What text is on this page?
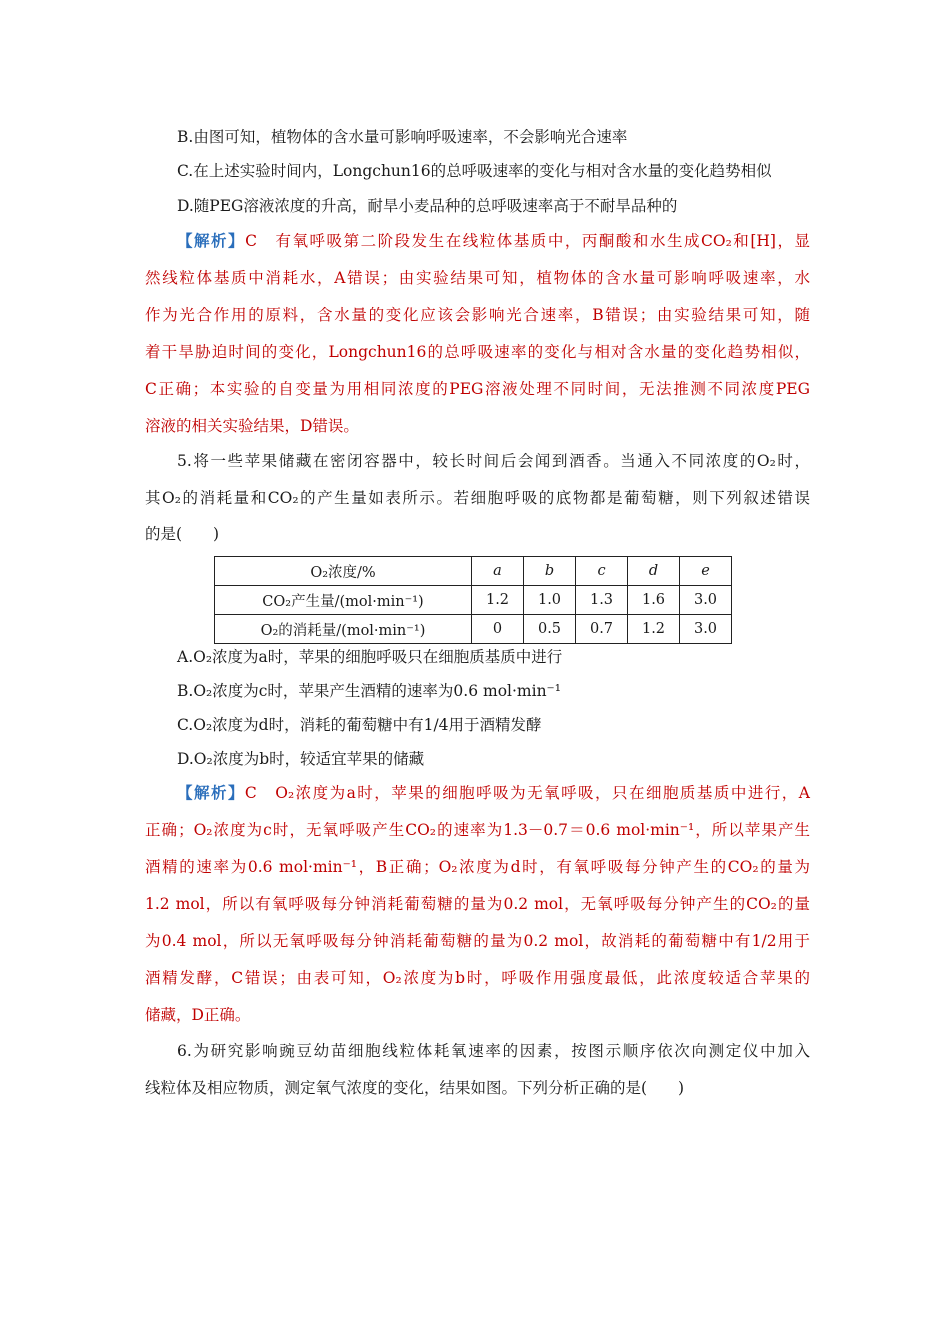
B.由图可知，植物体的含水量可影响呼吸速率，不会影响光合速率
C.在上述实验时间内，Longchun16的总呼吸速率的变化与相对含水量的变化趋势相似
D.随PEG溶液浓度的升高，耐旱小麦品种的总呼吸速率高于不耐旱品种的
【解析】C　有氧呼吸第二阶段发生在线粒体基质中，丙酮酸和水生成CO₂和[H]，显
然线粒体基质中消耗水，A错误；由实验结果可知，植物体的含水量可影响呼吸速率，水
作为光合作用的原料，含水量的变化应该会影响光合速率，B错误；由实验结果可知，随
着干旱胁迫时间的变化，Longchun16的总呼吸速率的变化与相对含水量的变化趋势相似，
C正确；本实验的自变量为用相同浓度的PEG溶液处理不同时间，无法推测不同浓度PEG
溶液的相关实验结果，D错误。
5.将一些苹果储藏在密闭容器中，较长时间后会闻到酒香。当通入不同浓度的O₂时，
其O₂的消耗量和CO₂的产生量如表所示。若细胞呼吸的底物都是葡萄糖，则下列叙述错误
的是(　　)
O₂浓度/%	a	b	c	d	e
CO₂产生量/(mol·min⁻¹)	1.2	1.0	1.3	1.6	3.0
O₂的消耗量/(mol·min⁻¹)	0	0.5	0.7	1.2	3.0
A.O₂浓度为a时，苹果的细胞呼吸只在细胞质基质中进行
B.O₂浓度为c时，苹果产生酒精的速率为0.6 mol·min⁻¹
C.O₂浓度为d时，消耗的葡萄糖中有1/4用于酒精发酵
D.O₂浓度为b时，较适宜苹果的储藏
【解析】C　O₂浓度为a时，苹果的细胞呼吸为无氧呼吸，只在细胞质基质中进行，A
正确；O₂浓度为c时，无氧呼吸产生CO₂的速率为1.3－0.7＝0.6 mol·min⁻¹，所以苹果产生
酒精的速率为0.6 mol·min⁻¹，B正确；O₂浓度为d时，有氧呼吸每分钟产生的CO₂的量为
1.2 mol，所以有氧呼吸每分钟消耗葡萄糖的量为0.2 mol，无氧呼吸每分钟产生的CO₂的量
为0.4 mol，所以无氧呼吸每分钟消耗葡萄糖的量为0.2 mol，故消耗的葡萄糖中有1/2用于
酒精发酵，C错误；由表可知，O₂浓度为b时，呼吸作用强度最低，此浓度较适合苹果的
储藏，D正确。
6.为研究影响豌豆幼苗细胞线粒体耗氧速率的因素，按图示顺序依次向测定仪中加入
线粒体及相应物质，测定氧气浓度的变化，结果如图。下列分析正确的是(　　)
